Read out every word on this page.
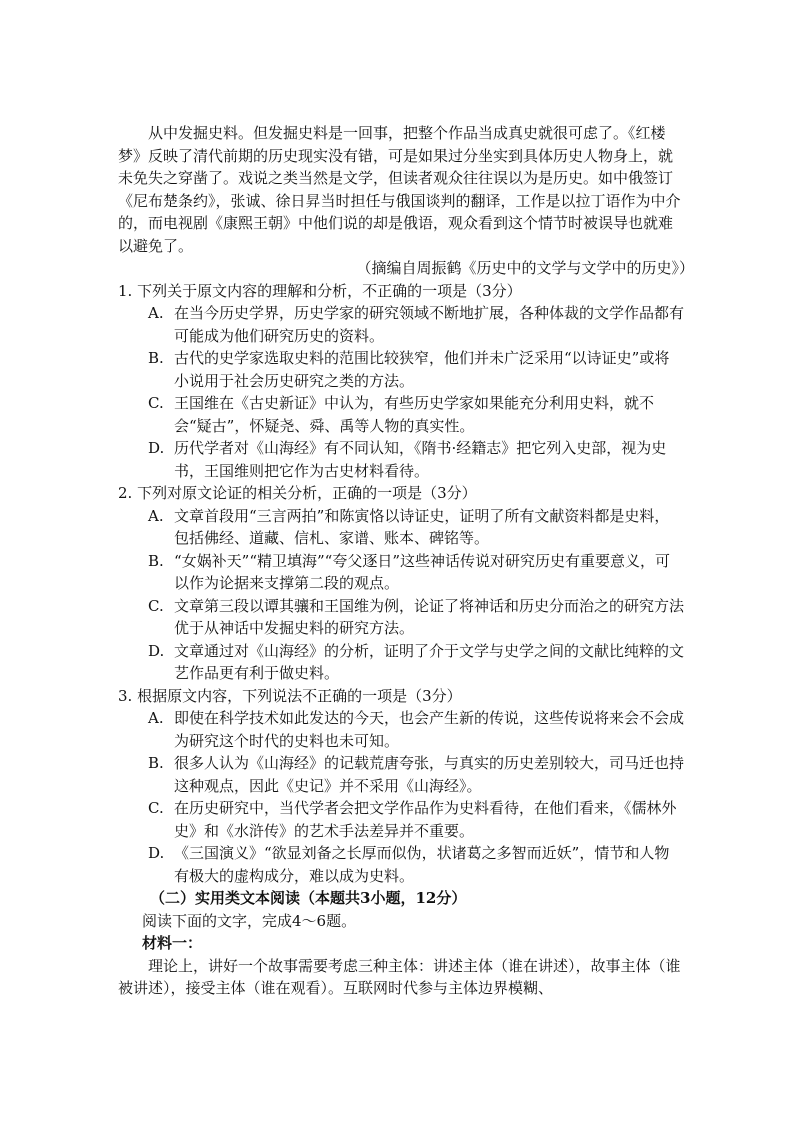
从中发掘史料。但发掘史料是一回事，把整个作品当成真史就很可虑了。《红楼梦》反映了清代前期的历史现实没有错，可是如果过分坐实到具体历史人物身上，就未免失之穿凿了。戏说之类当然是文学，但读者观众往往误以为是历史。如中俄签订《尼布楚条约》，张诚、徐日昇当时担任与俄国谈判的翻译，工作是以拉丁语作为中介的，而电视剧《康熙王朝》中他们说的却是俄语，观众看到这个情节时被误导也就难以避免了。

（摘编自周振鹤《历史中的文学与文学中的历史》）

1. 下列关于原文内容的理解和分析，不正确的一项是（3分）

A. 在当今历史学界，历史学家的研究领域不断地扩展，各种体裁的文学作品都有可能成为他们研究历史的资料。
B. 古代的史学家选取史料的范围比较狭窄，他们并未广泛采用“以诗证史”或将小说用于社会历史研究之类的方法。
C. 王国维在《古史新证》中认为，有些历史学家如果能充分利用史料，就不会“疑古”，怀疑尧、舜、禹等人物的真实性。
D. 历代学者对《山海经》有不同认知，《隋书·经籍志》把它列入史部，视为史书，王国维则把它作为古史材料看待。

2. 下列对原文论证的相关分析，正确的一项是（3分）

A. 文章首段用“三言两拍”和陈寅恪以诗证史，证明了所有文献资料都是史料，包括佛经、道藏、信札、家谱、账本、碑铭等。
B. “女娲补天”“精卫填海”“夸父逐日”这些神话传说对研究历史有重要意义，可以作为论据来支撑第二段的观点。
C. 文章第三段以谭其骧和王国维为例，论证了将神话和历史分而治之的研究方法优于从神话中发掘史料的研究方法。
D. 文章通过对《山海经》的分析，证明了介于文学与史学之间的文献比纯粹的文艺作品更有利于做史料。

3. 根据原文内容，下列说法不正确的一项是（3分）

A. 即使在科学技术如此发达的今天，也会产生新的传说，这些传说将来会不会成为研究这个时代的史料也未可知。
B. 很多人认为《山海经》的记载荒唐夸张，与真实的历史差别较大，司马迁也持这种观点，因此《史记》并不采用《山海经》。
C. 在历史研究中，当代学者会把文学作品作为史料看待，在他们看来，《儒林外史》和《水浒传》的艺术手法差异并不重要。
D. 《三国演义》“欲显刘备之长厚而似伪，状诸葛之多智而近妖”，情节和人物有极大的虚构成分，难以成为史料。

（二）实用类文本阅读（本题共3小题，12分）

阅读下面的文字，完成4～6题。

材料一：

理论上，讲好一个故事需要考虑三种主体：讲述主体（谁在讲述），故事主体（谁被讲述），接受主体（谁在观看）。互联网时代参与主体边界模糊、
